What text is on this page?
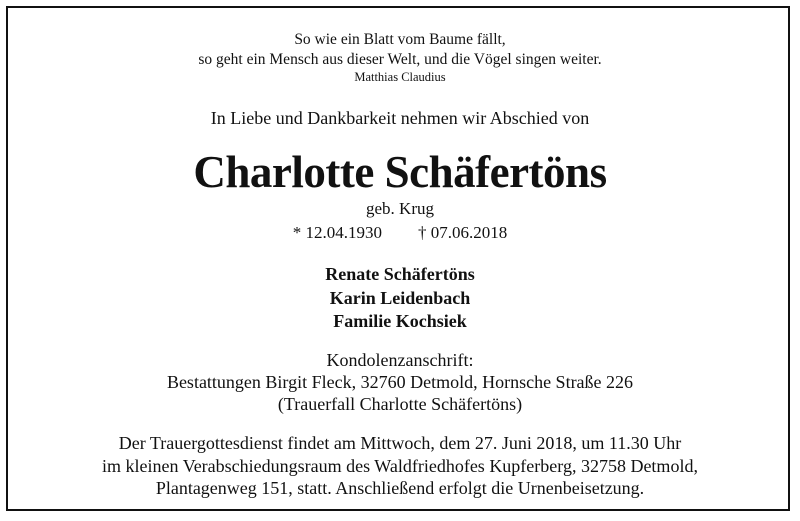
So wie ein Blatt vom Baume fällt,
so geht ein Mensch aus dieser Welt, und die Vögel singen weiter.
Matthias Claudius
In Liebe und Dankbarkeit nehmen wir Abschied von
Charlotte Schäfertöns
geb. Krug
* 12.04.1930 † 07.06.2018
Renate Schäfertöns
Karin Leidenbach
Familie Kochsiek
Kondolenzanschrift:
Bestattungen Birgit Fleck, 32760 Detmold, Hornsche Straße 226
(Trauerfall Charlotte Schäfertöns)
Der Trauergottesdienst findet am Mittwoch, dem 27. Juni 2018, um 11.30 Uhr
im kleinen Verabschiedungsraum des Waldfriedhofes Kupferberg, 32758 Detmold,
Plantagenweg 151, statt. Anschließend erfolgt die Urnenbeisetzung.
